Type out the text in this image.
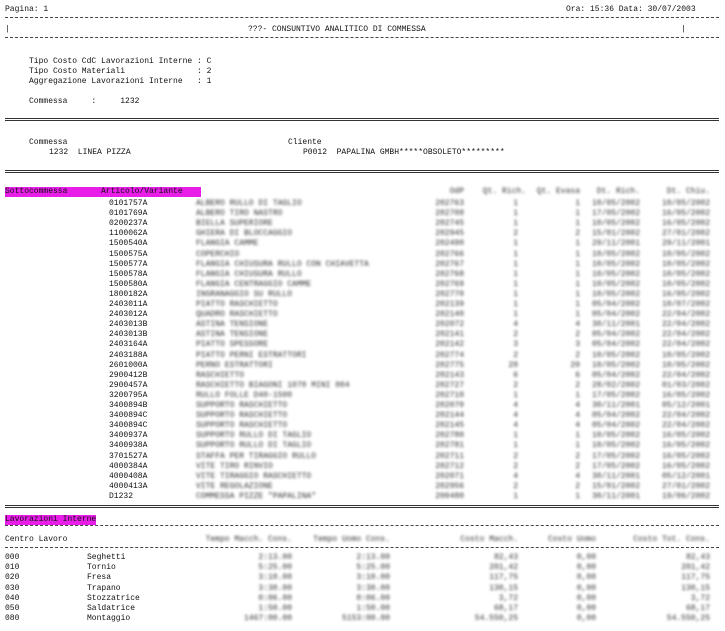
Pagina: 1	Ora: 15:36 Data: 30/07/2003
|	???- CONSUNTIVO ANALITICO DI COMMESSA	|
Tipo Costo CdC Lavorazioni Interne : C
Tipo Costo Materiali               : 2
Aggregazione Lavorazioni Interne   : 1
Commessa     :     1232
Commessa
1232  LINEA PIZZA
Cliente
P0012  PAPALINA GMBH*****OBSOLETO*********
Sottocommessa	Articolo/Variante	OdP	Qt. Rich.	Qt. Evasa	Dt. Rich.	Dt. Chiu.
0101757A	ALBERO RULLO DI TAGLIO	202763	1	1	10/05/2002	10/05/2002
0101769A	ALBERO TIRO NASTRO	202708	1	1	17/05/2002	16/05/2002
0200237A	BIELLA SUPERIORE	202745	1	1	10/05/2002	16/05/2002
1100062A	GHIERA DI BLOCCAGGIO	202945	2	2	15/01/2002	27/01/2002
1500540A	FLANGIA CAMME	202490	1	1	29/11/2001	29/11/2001
1500575A	COPERCHIO	202766	1	1	10/05/2002	10/05/2002
1500577A	FLANGIA CHIUSURA RULLO CON CHIAVETTA	202767	1	1	10/05/2002	10/05/2002
1500578A	FLANGIA CHIUSURA RULLO	202768	1	1	10/05/2002	10/05/2002
1500580A	FLANGIA CENTRAGGIO CAMME	202769	1	1	10/05/2002	10/05/2002
1800182A	INGRANAGGIO SU RULLO	202770	1	1	10/05/2002	16/05/2002
2403011A	PIATTO RASCHIETTO	202139	1	1	05/04/2002	10/07/2002
2403012A	QUADRO RASCHIETTO	202140	1	1	05/04/2002	22/04/2002
2403013B	ASTINA TENSIONE	202072	4	4	30/11/2001	22/04/2002
2403013B	ASTINA TENSIONE	202141	2	2	05/04/2002	22/04/2002
2403164A	PIATTO SPESSORE	202142	3	3	05/04/2002	22/04/2002
2403188A	PIATTO PERNI ESTRATTORI	202774	2	2	10/05/2002	10/05/2002
2601000A	PERNO ESTRATTORI	202775	20	20	10/05/2002	10/05/2002
2900412B	RASCHIETTO	202143	6	6	05/04/2002	22/04/2002
2900457A	RASCHIETTO BIAGONI 1070 MINI 004	202727	2	2	28/02/2002	01/03/2002
3200795A	RULLO FOLLE D40-1500	202710	1	1	17/05/2002	16/05/2002
3400894B	SUPPORTO RASCHIETTO	202070	4	4	30/11/2001	05/12/2001
3400894C	SUPPORTO RASCHIETTO	202144	4	4	05/04/2002	22/04/2002
3400894C	SUPPORTO RASCHIETTO	202145	4	4	05/04/2002	22/04/2002
3400937A	SUPPORTO RULLO DI TAGLIO	202780	1	1	10/05/2002	16/05/2002
3400938A	SUPPORTO RULLO DI TAGLIO	202781	1	1	10/05/2002	16/05/2002
3701527A	STAFFA PER TIRAGGIO RULLO	202711	2	2	17/05/2002	16/05/2002
4000384A	VITE TIRO RINVIO	202712	2	2	17/05/2002	16/05/2002
4000408A	VITE TIRAGGIO RASCHIETTO	202071	4	4	30/11/2001	05/12/2001
4000413A	VITE REGOLAZIONE	202956	2	2	15/01/2002	27/01/2002
D1232	COMMESSA PIZZE "PAPALINA"	200480	1	1	30/11/2001	19/06/2002
Lavorazioni Interne
Centro Lavoro	Tempo Macch. Cons.	Tempo Uomo Cons.	Costo Macch.	Costo Uomo	Costo Tot. Cons.
000	Seghetti	2:13.00	2:13.00	82,43	0,00	82,43
010	Tornio	5:25.00	5:25.00	201,42	0,00	201,42
020	Fresa	3:10.00	3:10.00	117,75	0,00	117,75
030	Trapano	3:30.00	3:30.00	130,15	0,00	130,15
040	Stozzatrice	0:06.00	0:06.00	3,72	0,00	3,72
050	Saldatrice	1:50.00	1:50.00	68,17	0,00	68,17
080	Montaggio	1467:00.00	5153:00.00	54.550,25	0,00	54.550,25
